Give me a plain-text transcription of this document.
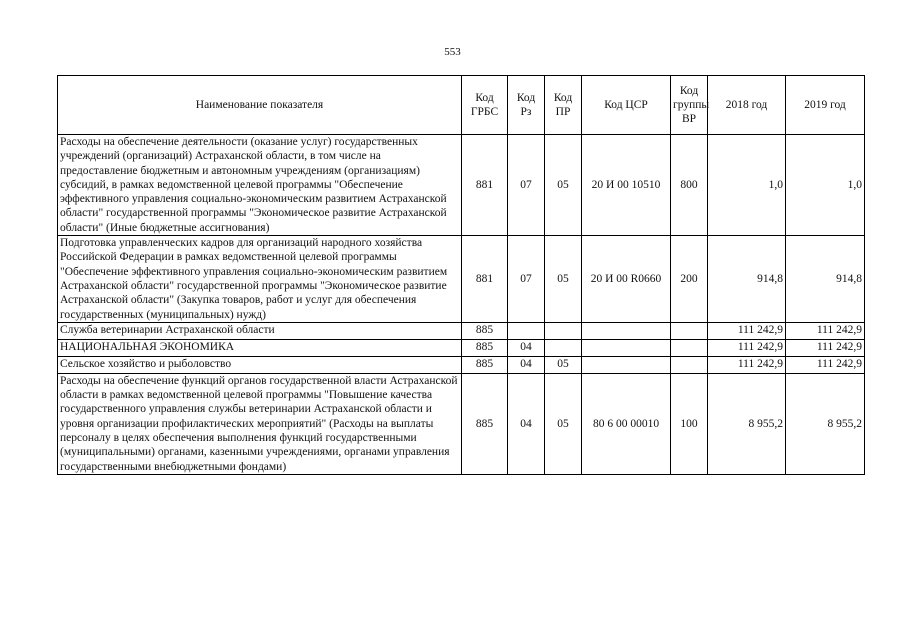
553
Наименование показателя	Код ГРБС	Код Рз	Код ПР	Код ЦСР	Код группы ВР	2018 год	2019 год
Расходы на обеспечение деятельности (оказание услуг) государственных учреждений (организаций) Астраханской области, в том числе на предоставление бюджетным и автономным учреждениям (организациям) субсидий, в рамках ведомственной целевой программы "Обеспечение эффективного управления социально-экономическим развитием Астраханской области" государственной программы "Экономическое развитие Астраханской области" (Иные бюджетные ассигнования)	881	07	05	20 И 00 10510	800	1,0	1,0
Подготовка управленческих кадров для организаций народного хозяйства Российской Федерации в рамках ведомственной целевой программы "Обеспечение эффективного управления социально-экономическим развитием Астраханской области" государственной программы "Экономическое развитие Астраханской области" (Закупка товаров, работ и услуг для обеспечения государственных (муниципальных) нужд)	881	07	05	20 И 00 R0660	200	914,8	914,8
Служба ветеринарии Астраханской области	885					111 242,9	111 242,9
НАЦИОНАЛЬНАЯ ЭКОНОМИКА	885	04				111 242,9	111 242,9
Сельское хозяйство и рыболовство	885	04	05			111 242,9	111 242,9
Расходы на обеспечение функций органов государственной власти Астраханской области в рамках ведомственной целевой программы "Повышение качества государственного управления службы ветеринарии Астраханской области и уровня организации профилактических мероприятий" (Расходы на выплаты персоналу в целях обеспечения выполнения функций государственными (муниципальными) органами, казенными учреждениями, органами управления государственными внебюджетными фондами)	885	04	05	80 6 00 00010	100	8 955,2	8 955,2
